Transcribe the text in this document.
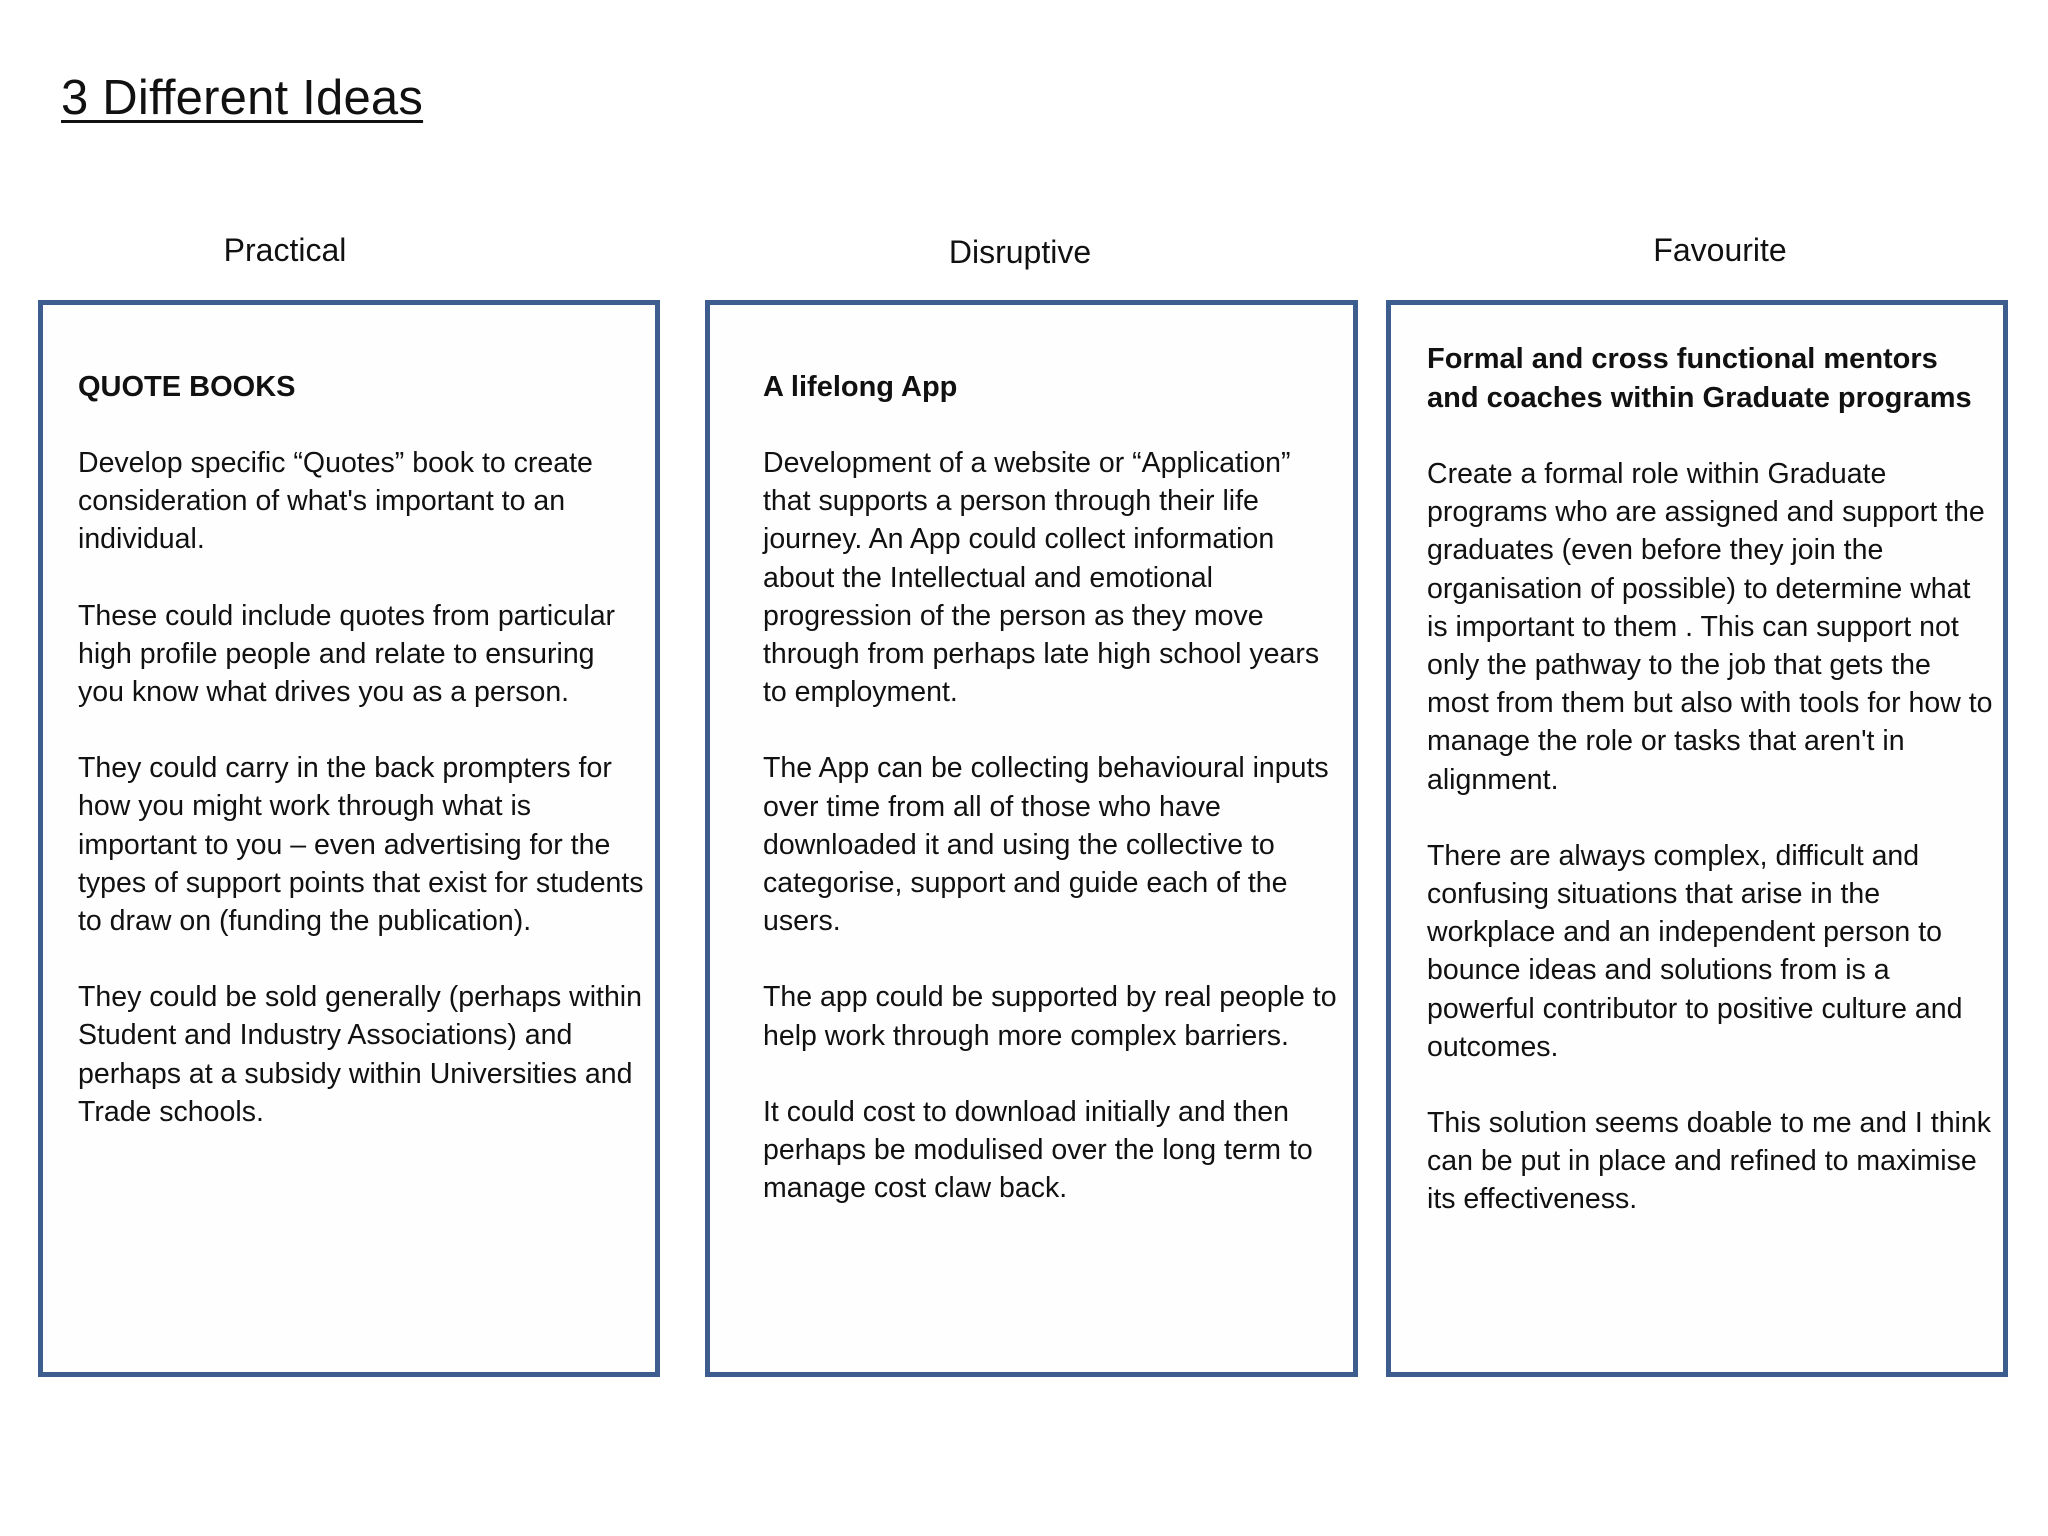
3 Different Ideas
Practical	Disruptive	Favourite
QUOTE BOOKS

Develop specific “Quotes” book to create consideration of what's important to an individual.

These could include quotes from particular high profile people and relate to ensuring you know what drives you as a person.

They could carry in the back prompters for how you might work through what is important to you – even advertising for the types of support points that exist for students to draw on (funding the publication).

They could be sold generally (perhaps within Student and Industry Associations) and perhaps at a subsidy within Universities and Trade schools.

A lifelong App

Development of a website or “Application” that supports a person through their life journey. An App could collect information about the Intellectual and emotional progression of the person as they move through from perhaps late high school years to employment.

The App can be collecting behavioural inputs over time from all of those who have downloaded it and using the collective to categorise, support and guide each of the users.

The app could be supported by real people to help work through more complex barriers.

It could cost to download initially and then perhaps be modulised over the long term to manage cost claw back.

Formal and cross functional mentors and coaches within Graduate programs

Create a formal role within Graduate programs who are assigned and support the graduates (even before they join the organisation of possible) to determine what is important to them . This can support not only the pathway to the job that gets the most from them but also with tools for how to manage the role or tasks that aren't in alignment.

There are always complex, difficult and confusing situations that arise in the workplace and an independent person to bounce ideas and solutions from is a powerful contributor to positive culture and outcomes.

This solution seems doable to me and I think can be put in place and refined to maximise its effectiveness.
